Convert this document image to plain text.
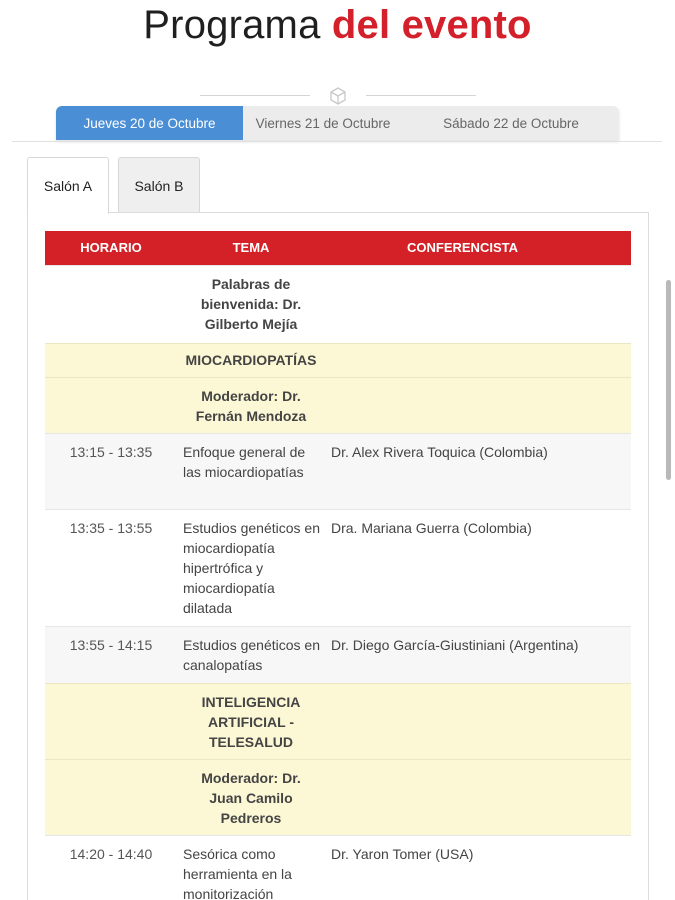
Programa del evento
Jueves 20 de Octubre	Viernes 21 de Octubre	Sábado 22 de Octubre
Salón A	Salón B
HORARIO	TEMA	CONFERENCISTA
	Palabras de bienvenida: Dr. Gilberto Mejía	
	MIOCARDIOPATÍAS	
	Moderador: Dr. Fernán Mendoza	
13:15 - 13:35	Enfoque general de las miocardiopatías	Dr. Alex Rivera Toquica (Colombia)
13:35 - 13:55	Estudios genéticos en miocardiopatía hipertrófica y miocardiopatía dilatada	Dra. Mariana Guerra (Colombia)
13:55 - 14:15	Estudios genéticos en canalopatías	Dr. Diego García-Giustiniani (Argentina)
	INTELIGENCIA ARTIFICIAL - TELESALUD	
	Moderador: Dr. Juan Camilo Pedreros	
14:20 - 14:40	Sesórica como herramienta en la monitorización	Dr. Yaron Tomer (USA)
